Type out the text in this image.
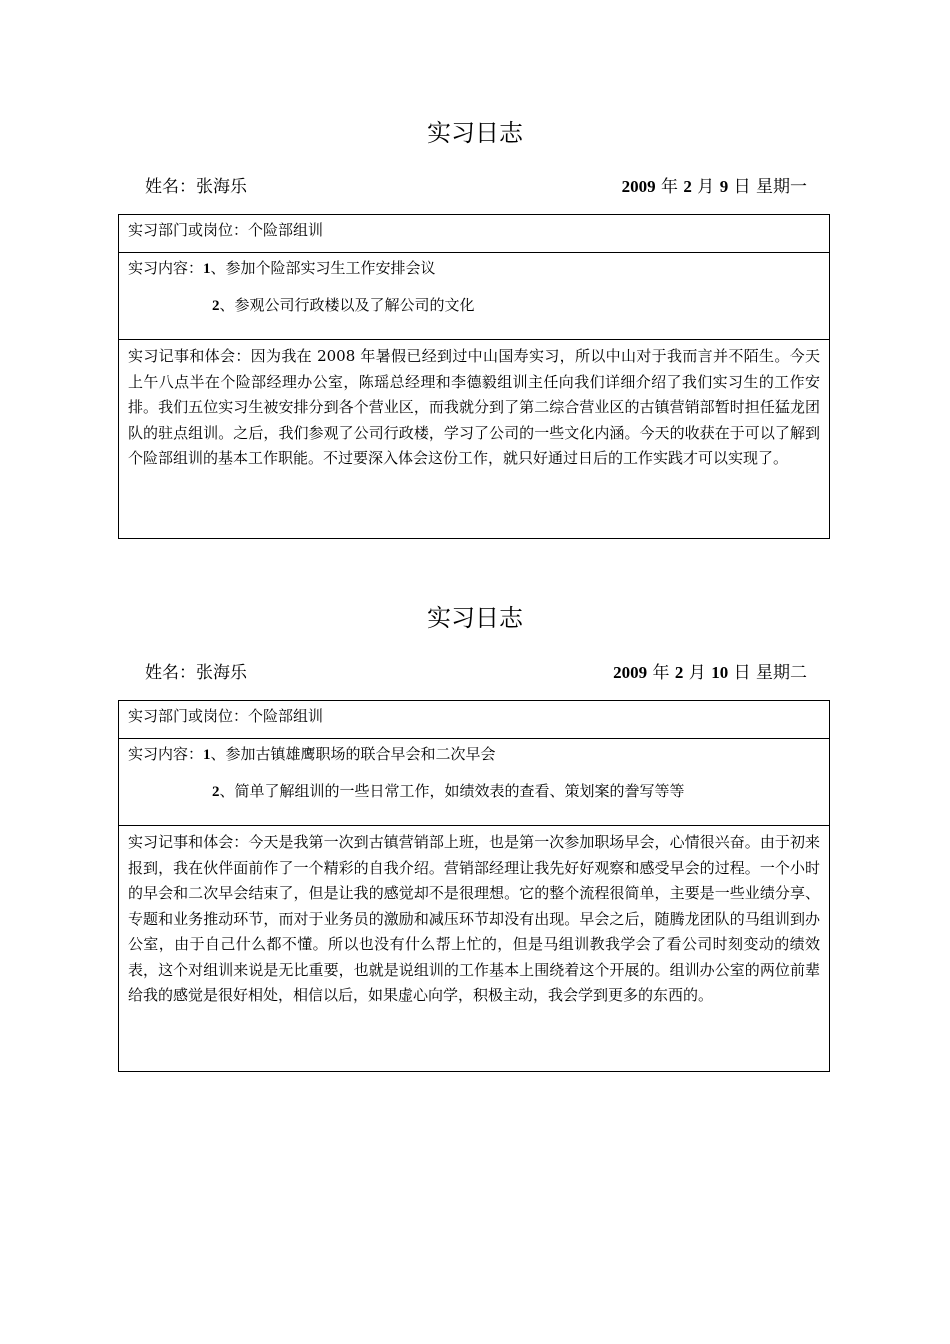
实习日志
姓名：张海乐	2009 年 2 月 9 日 星期一
实习部门或岗位：个险部组训
实习内容：1、参加个险部实习生工作安排会议
2、参观公司行政楼以及了解公司的文化
实习记事和体会：因为我在 2008 年暑假已经到过中山国寿实习，所以中山对于我而言并不陌生。今天上午八点半在个险部经理办公室，陈瑶总经理和李德毅组训主任向我们详细介绍了我们实习生的工作安排。我们五位实习生被安排分到各个营业区，而我就分到了第二综合营业区的古镇营销部暂时担任猛龙团队的驻点组训。之后，我们参观了公司行政楼，学习了公司的一些文化内涵。今天的收获在于可以了解到个险部组训的基本工作职能。不过要深入体会这份工作，就只好通过日后的工作实践才可以实现了。
实习日志
姓名：张海乐	2009 年 2 月 10 日 星期二
实习部门或岗位：个险部组训
实习内容：1、参加古镇雄鹰职场的联合早会和二次早会
2、简单了解组训的一些日常工作，如绩效表的查看、策划案的誊写等等
实习记事和体会：今天是我第一次到古镇营销部上班，也是第一次参加职场早会，心情很兴奋。由于初来报到，我在伙伴面前作了一个精彩的自我介绍。营销部经理让我先好好观察和感受早会的过程。一个小时的早会和二次早会结束了，但是让我的感觉却不是很理想。它的整个流程很简单，主要是一些业绩分享、专题和业务推动环节，而对于业务员的激励和减压环节却没有出现。早会之后，随腾龙团队的马组训到办公室，由于自己什么都不懂。所以也没有什么帮上忙的，但是马组训教我学会了看公司时刻变动的绩效表，这个对组训来说是无比重要，也就是说组训的工作基本上围绕着这个开展的。组训办公室的两位前辈给我的感觉是很好相处，相信以后，如果虚心向学，积极主动，我会学到更多的东西的。
